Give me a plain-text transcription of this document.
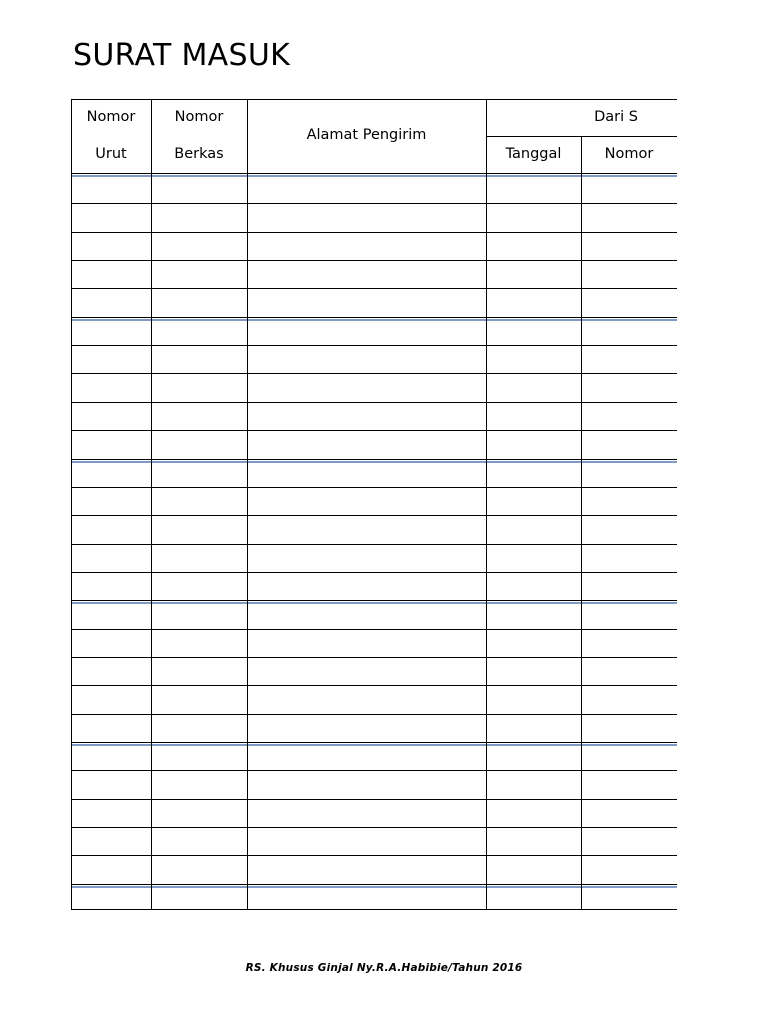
SURAT MASUK
Nomor
Urut
Nomor
Berkas
Alamat Pengirim
Dari S
Tanggal	Nomor
RS. Khusus Ginjal Ny.R.A.Habibie/Tahun 2016
